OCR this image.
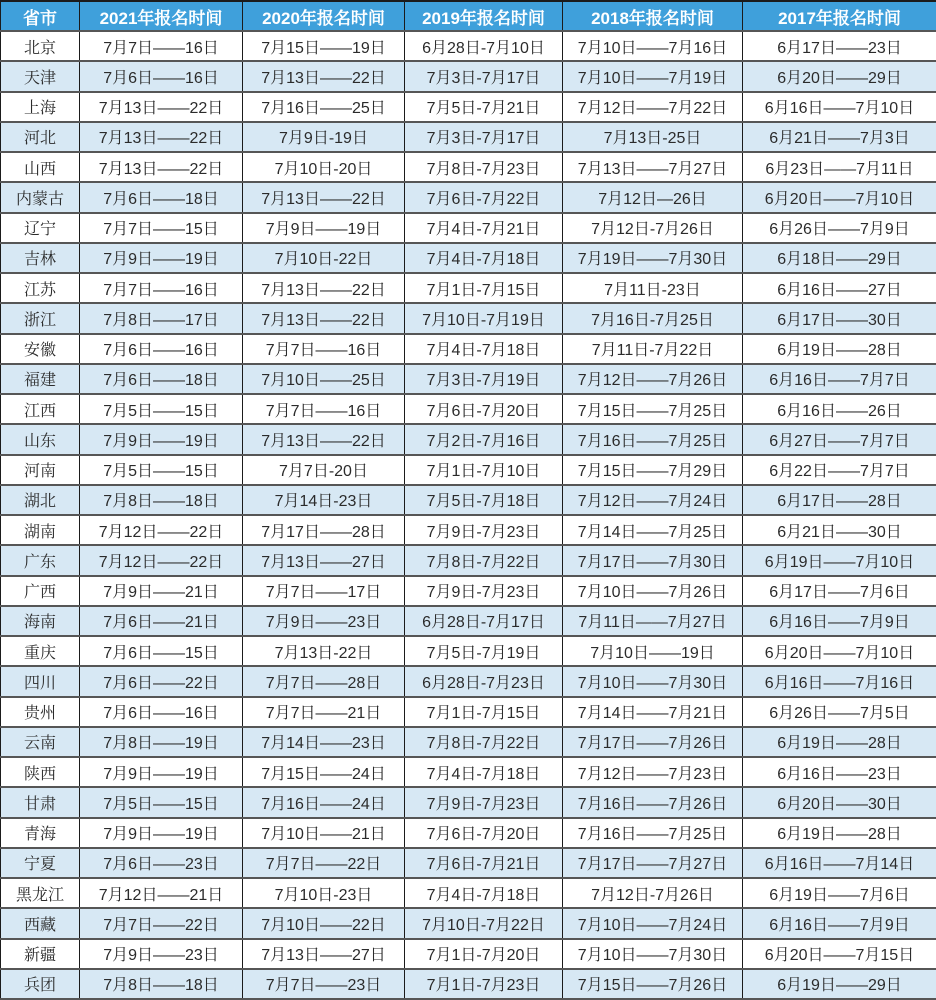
省市	2021年报名时间	2020年报名时间	2019年报名时间	2018年报名时间	2017年报名时间
北京	7月7日——16日	7月15日——19日	6月28日-7月10日	7月10日——7月16日	6月17日——23日
天津	7月6日——16日	7月13日——22日	7月3日-7月17日	7月10日——7月19日	6月20日——29日
上海	7月13日——22日	7月16日——25日	7月5日-7月21日	7月12日——7月22日	6月16日——7月10日
河北	7月13日——22日	7月9日-19日	7月3日-7月17日	7月13日-25日	6月21日——7月3日
山西	7月13日——22日	7月10日-20日	7月8日-7月23日	7月13日——7月27日	6月23日——7月11日
内蒙古	7月6日——18日	7月13日——22日	7月6日-7月22日	7月12日—26日	6月20日——7月10日
辽宁	7月7日——15日	7月9日——19日	7月4日-7月21日	7月12日-7月26日	6月26日——7月9日
吉林	7月9日——19日	7月10日-22日	7月4日-7月18日	7月19日——7月30日	6月18日——29日
江苏	7月7日——16日	7月13日——22日	7月1日-7月15日	7月11日-23日	6月16日——27日
浙江	7月8日——17日	7月13日——22日	7月10日-7月19日	7月16日-7月25日	6月17日——30日
安徽	7月6日——16日	7月7日——16日	7月4日-7月18日	7月11日-7月22日	6月19日——28日
福建	7月6日——18日	7月10日——25日	7月3日-7月19日	7月12日——7月26日	6月16日——7月7日
江西	7月5日——15日	7月7日——16日	7月6日-7月20日	7月15日——7月25日	6月16日——26日
山东	7月9日——19日	7月13日——22日	7月2日-7月16日	7月16日——7月25日	6月27日——7月7日
河南	7月5日——15日	7月7日-20日	7月1日-7月10日	7月15日——7月29日	6月22日——7月7日
湖北	7月8日——18日	7月14日-23日	7月5日-7月18日	7月12日——7月24日	6月17日——28日
湖南	7月12日——22日	7月17日——28日	7月9日-7月23日	7月14日——7月25日	6月21日——30日
广东	7月12日——22日	7月13日——27日	7月8日-7月22日	7月17日——7月30日	6月19日——7月10日
广西	7月9日——21日	7月7日——17日	7月9日-7月23日	7月10日——7月26日	6月17日——7月6日
海南	7月6日——21日	7月9日——23日	6月28日-7月17日	7月11日——7月27日	6月16日——7月9日
重庆	7月6日——15日	7月13日-22日	7月5日-7月19日	7月10日——19日	6月20日——7月10日
四川	7月6日——22日	7月7日——28日	6月28日-7月23日	7月10日——7月30日	6月16日——7月16日
贵州	7月6日——16日	7月7日——21日	7月1日-7月15日	7月14日——7月21日	6月26日——7月5日
云南	7月8日——19日	7月14日——23日	7月8日-7月22日	7月17日——7月26日	6月19日——28日
陕西	7月9日——19日	7月15日——24日	7月4日-7月18日	7月12日——7月23日	6月16日——23日
甘肃	7月5日——15日	7月16日——24日	7月9日-7月23日	7月16日——7月26日	6月20日——30日
青海	7月9日——19日	7月10日——21日	7月6日-7月20日	7月16日——7月25日	6月19日——28日
宁夏	7月6日——23日	7月7日——22日	7月6日-7月21日	7月17日——7月27日	6月16日——7月14日
黑龙江	7月12日——21日	7月10日-23日	7月4日-7月18日	7月12日-7月26日	6月19日——7月6日
西藏	7月7日——22日	7月10日——22日	7月10日-7月22日	7月10日——7月24日	6月16日——7月9日
新疆	7月9日——23日	7月13日——27日	7月1日-7月20日	7月10日——7月30日	6月20日——7月15日
兵团	7月8日——18日	7月7日——23日	7月1日-7月23日	7月15日——7月26日	6月19日——29日
